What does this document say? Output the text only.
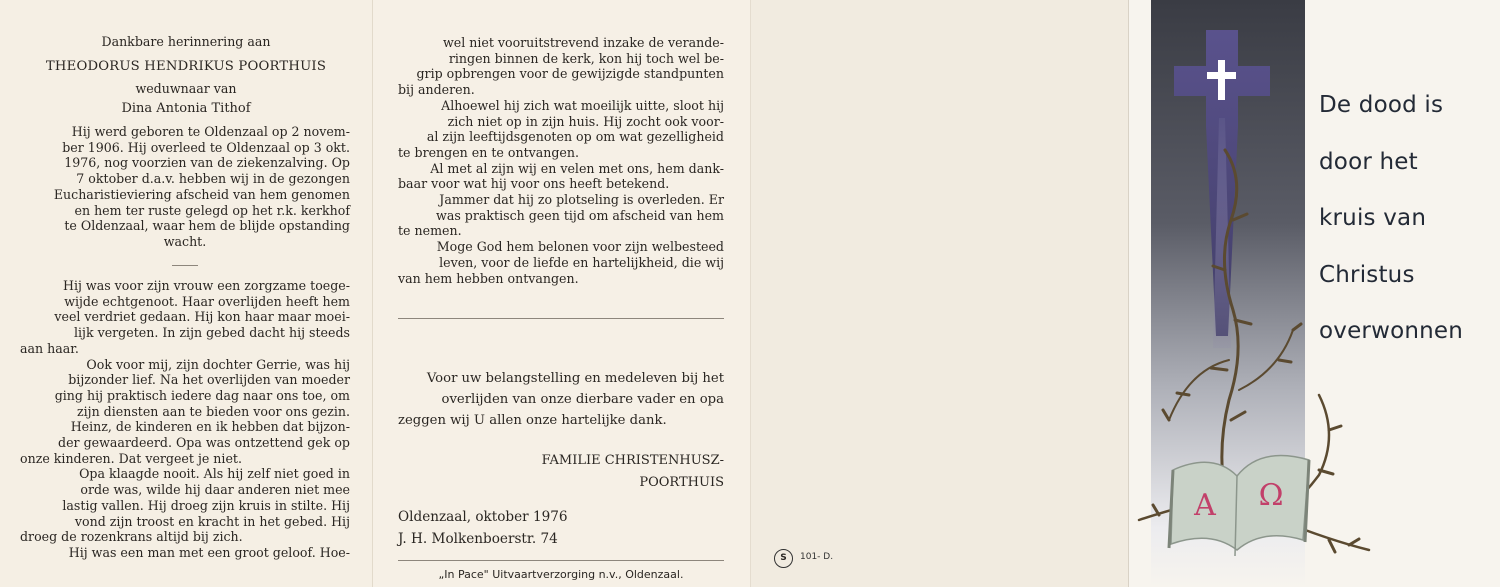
Dankbare herinnering aan
THEODORUS HENDRIKUS POORTHUIS
weduwnaar van
Dina Antonia Tithof

Hij werd geboren te Oldenzaal op 2 novem-

ber 1906. Hij overleed te Oldenzaal op 3 okt.

1976, nog voorzien van de ziekenzalving. Op

7 oktober d.a.v. hebben wij in de gezongen

Eucharistieviering afscheid van hem genomen

en hem ter ruste gelegd op het r.k. kerkhof

te Oldenzaal, waar hem de blijde opstanding

wacht.

Hij was voor zijn vrouw een zorgzame toege-

wijde echtgenoot. Haar overlijden heeft hem

veel verdriet gedaan. Hij kon haar maar moei-

lijk vergeten. In zijn gebed dacht hij steeds

aan haar.

Ook voor mij, zijn dochter Gerrie, was hij

bijzonder lief. Na het overlijden van moeder

ging hij praktisch iedere dag naar ons toe, om

zijn diensten aan te bieden voor ons gezin.

Heinz, de kinderen en ik hebben dat bijzon-

der gewaardeerd. Opa was ontzettend gek op

onze kinderen. Dat vergeet je niet.

Opa klaagde nooit. Als hij zelf niet goed in

orde was, wilde hij daar anderen niet mee

lastig vallen. Hij droeg zijn kruis in stilte. Hij

vond zijn troost en kracht in het gebed. Hij

droeg de rozenkrans altijd bij zich.

Hij was een man met een groot geloof. Hoe-

wel niet vooruitstrevend inzake de verande-

ringen binnen de kerk, kon hij toch wel be-

grip opbrengen voor de gewijzigde standpunten

bij anderen.

Alhoewel hij zich wat moeilijk uitte, sloot hij

zich niet op in zijn huis. Hij zocht ook voor-

al zijn leeftijdsgenoten op om wat gezelligheid

te brengen en te ontvangen.

Al met al zijn wij en velen met ons, hem dank-

baar voor wat hij voor ons heeft betekend.

Jammer dat hij zo plotseling is overleden. Er

was praktisch geen tijd om afscheid van hem

te nemen.

Moge God hem belonen voor zijn welbesteed

leven, voor de liefde en hartelijkheid, die wij

van hem hebben ontvangen.

Voor uw belangstelling en medeleven bij het

overlijden van onze dierbare vader en opa

zeggen wij U allen onze hartelijke dank.

FAMILIE CHRISTENHUSZ-
POORTHUIS
Oldenzaal, oktober 1976
J. H. Molkenboerstr. 74
„In Pace" Uitvaartverzorging n.v., Oldenzaal.
S	101- D.
A Ω
De dood is
door het
kruis van
Christus
overwonnen
